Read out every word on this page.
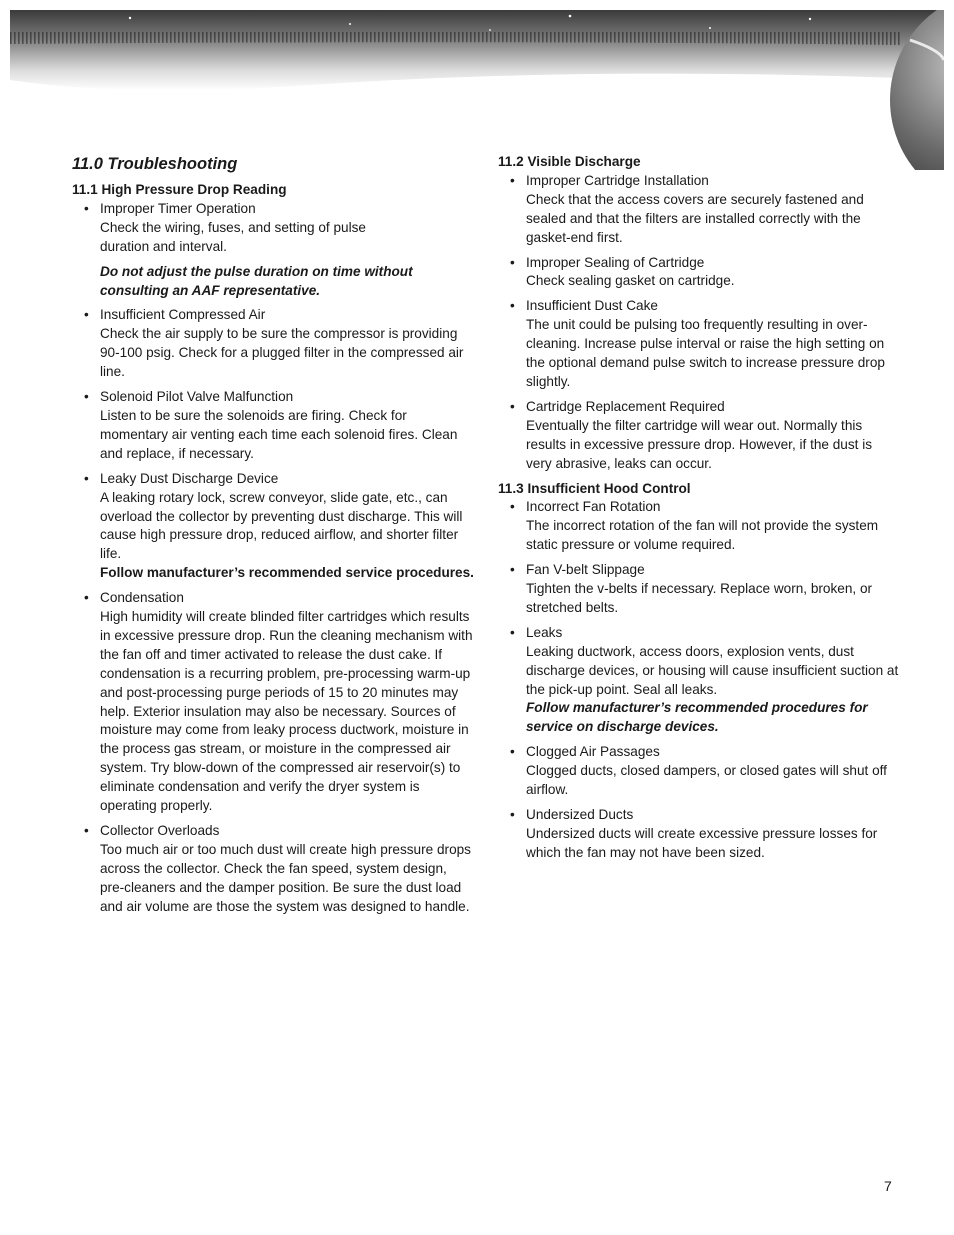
11.0 Troubleshooting
11.1 High Pressure Drop Reading
• Improper Timer Operation
Check the wiring, fuses, and setting of pulse duration and interval.
Do not adjust the pulse duration on time without consulting an AAF representative.
• Insufficient Compressed Air
Check the air supply to be sure the compressor is providing 90-100 psig. Check for a plugged filter in the compressed air line.
• Solenoid Pilot Valve Malfunction
Listen to be sure the solenoids are firing. Check for momentary air venting each time each solenoid fires. Clean and replace, if necessary.
• Leaky Dust Discharge Device
A leaking rotary lock, screw conveyor, slide gate, etc., can overload the collector by preventing dust discharge. This will cause high pressure drop, reduced airflow, and shorter filter life.
Follow manufacturer’s recommended service procedures.
• Condensation
High humidity will create blinded filter cartridges which results in excessive pressure drop. Run the cleaning mechanism with the fan off and timer activated to release the dust cake. If condensation is a recurring problem, pre-processing warm-up and post-processing purge periods of 15 to 20 minutes may help. Exterior insulation may also be necessary. Sources of moisture may come from leaky process ductwork, moisture in the process gas stream, or moisture in the compressed air system. Try blow-down of the compressed air reservoir(s) to eliminate condensation and verify the dryer system is operating properly.
• Collector Overloads
Too much air or too much dust will create high pressure drops across the collector. Check the fan speed, system design, pre-cleaners and the damper position. Be sure the dust load and air volume are those the system was designed to handle.
11.2 Visible Discharge
• Improper Cartridge Installation
Check that the access covers are securely fastened and sealed and that the filters are installed correctly with the gasket-end first.
• Improper Sealing of Cartridge
Check sealing gasket on cartridge.
• Insufficient Dust Cake
The unit could be pulsing too frequently resulting in over-cleaning. Increase pulse interval or raise the high setting on the optional demand pulse switch to increase pressure drop slightly.
• Cartridge Replacement Required
Eventually the filter cartridge will wear out. Normally this results in excessive pressure drop. However, if the dust is very abrasive, leaks can occur.
11.3 Insufficient Hood Control
• Incorrect Fan Rotation
The incorrect rotation of the fan will not provide the system static pressure or volume required.
• Fan V-belt Slippage
Tighten the v-belts if necessary. Replace worn, broken, or stretched belts.
• Leaks
Leaking ductwork, access doors, explosion vents, dust discharge devices, or housing will cause insufficient suction at the pick-up point. Seal all leaks.
Follow manufacturer’s recommended procedures for service on discharge devices.
• Clogged Air Passages
Clogged ducts, closed dampers, or closed gates will shut off airflow.
• Undersized Ducts
Undersized ducts will create excessive pressure losses for which the fan may not have been sized.
7
